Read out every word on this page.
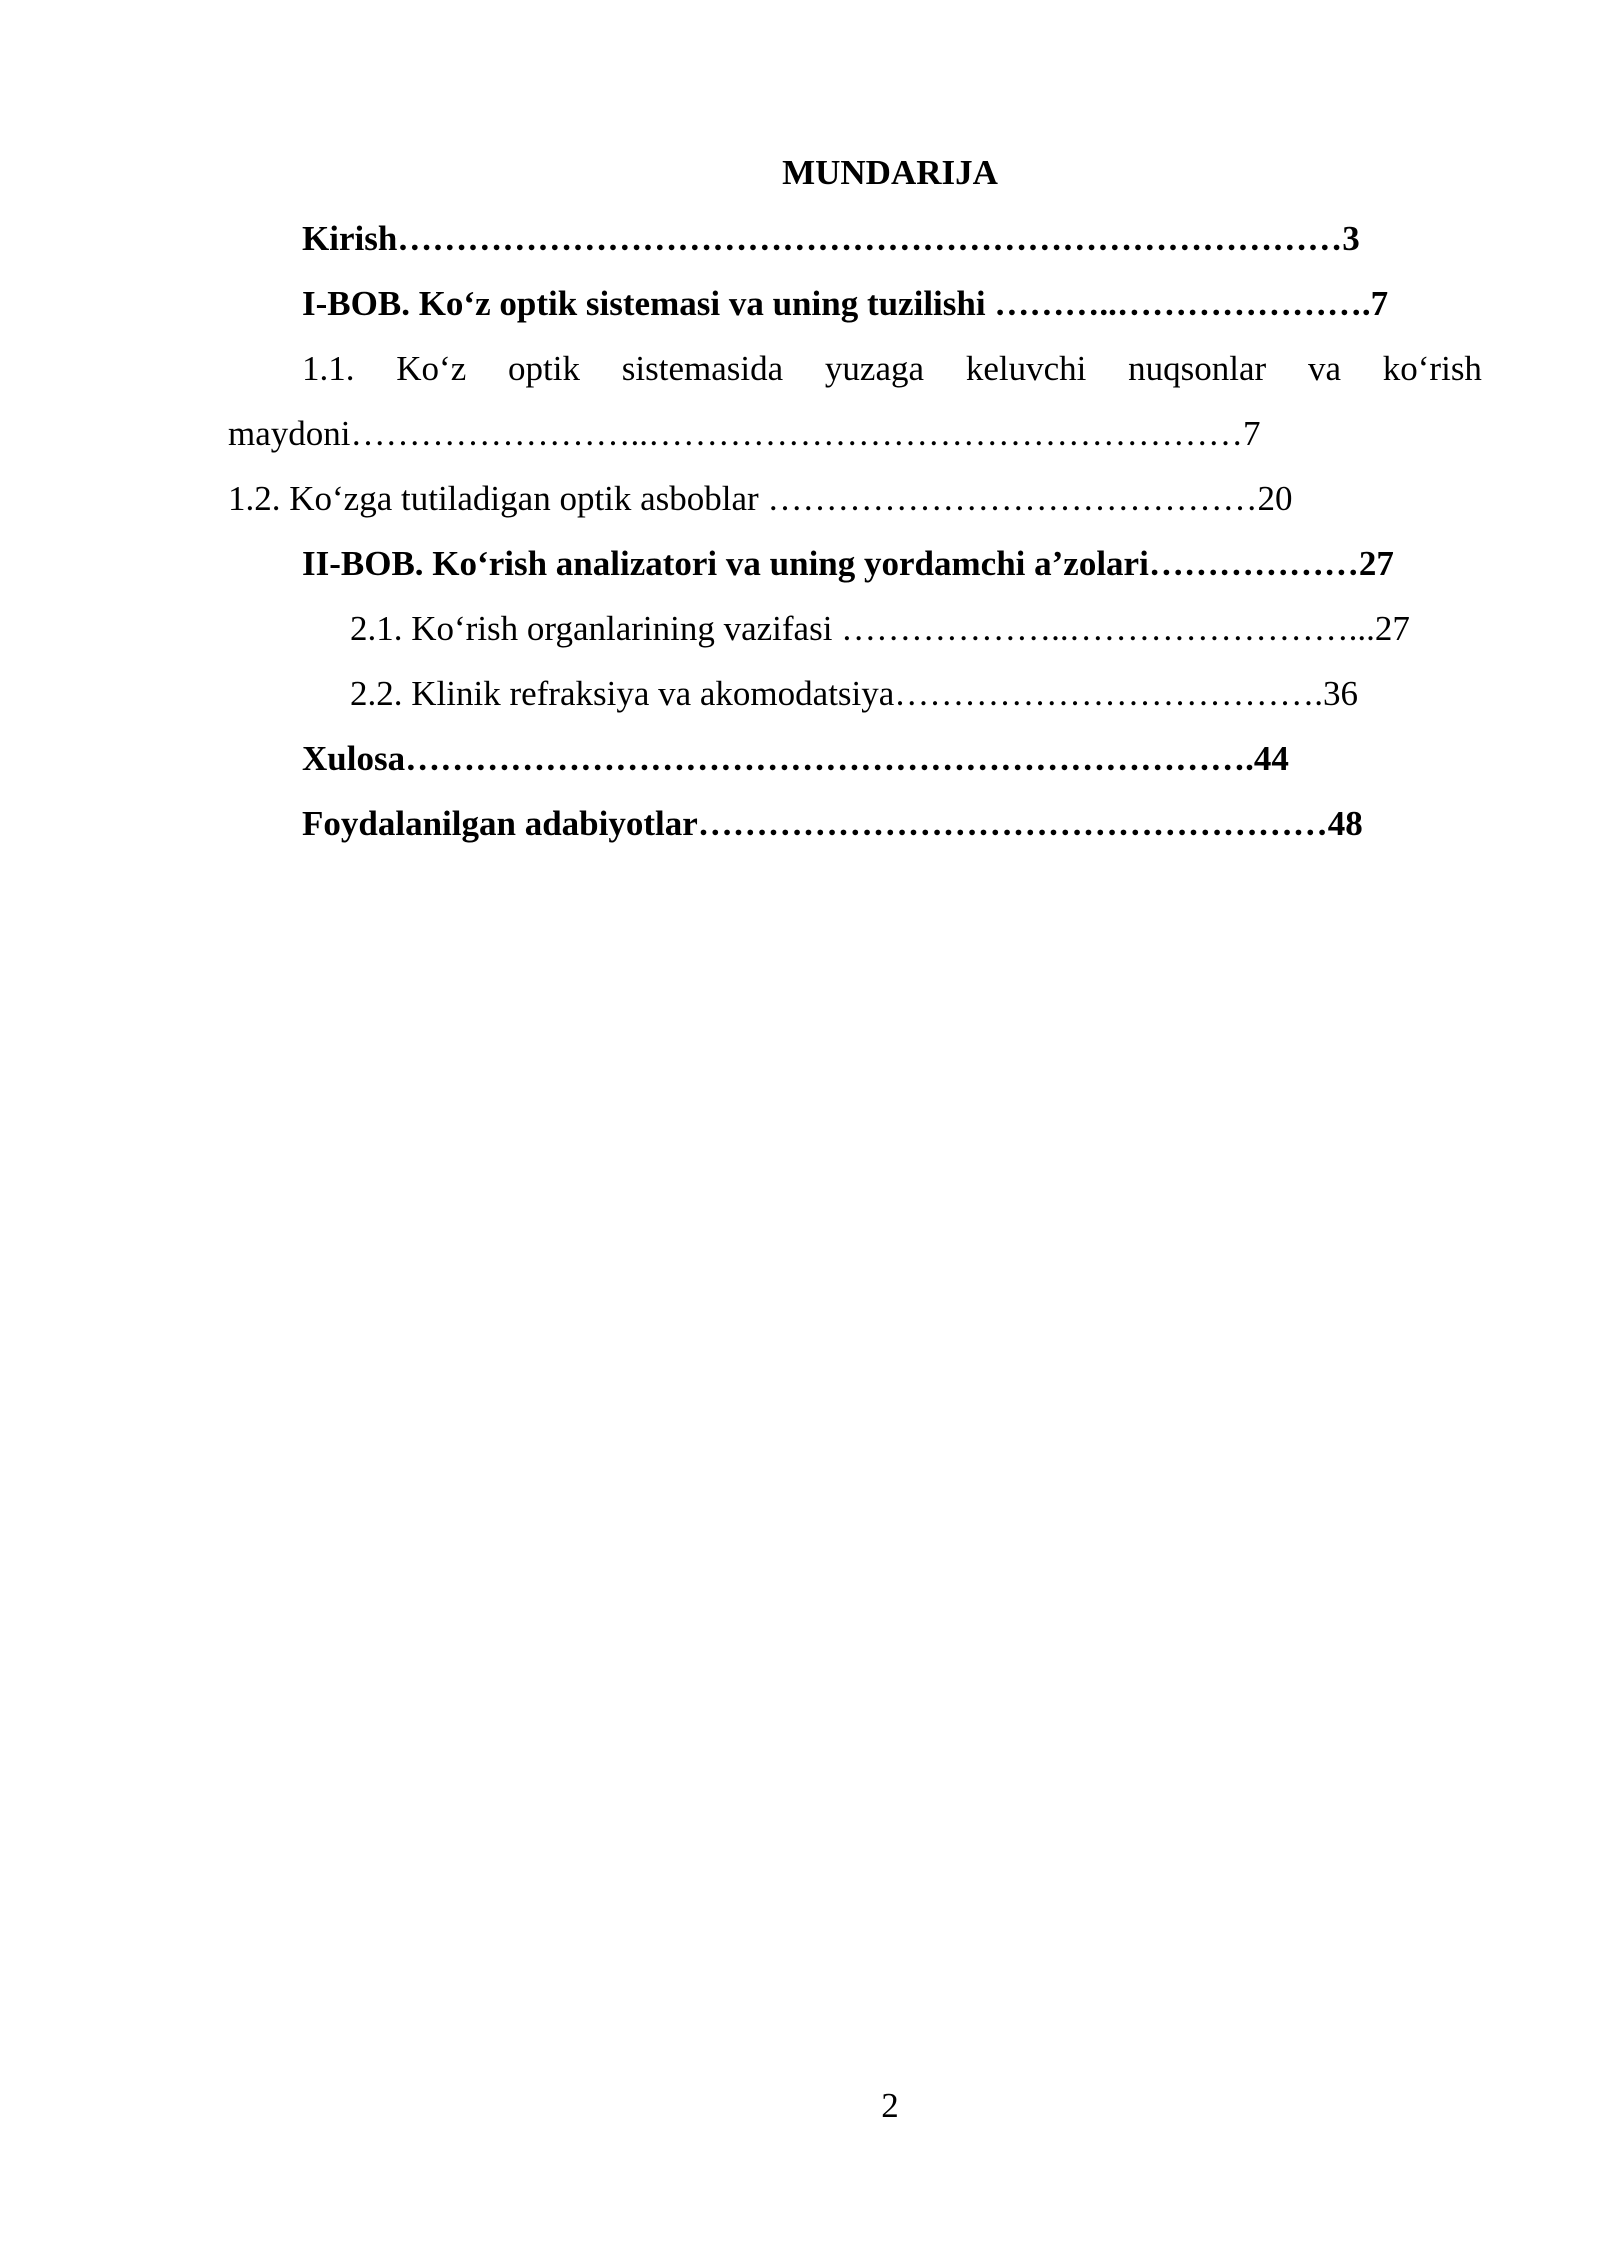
MUNDARIJA
Kirish………………………………………………………………………3
I-BOB. Ko‘z optik sistemasi va uning tuzilishi ………..………………….7
1.1. Ko‘z optik sistemasida yuzaga keluvchi nuqsonlar va ko‘rish
maydoni……………………..……………………………………………7
1.2. Ko‘zga tutiladigan optik asboblar ……………………………………20
II-BOB. Ko‘rish analizatori va uning yordamchi a’zolari………………27
2.1. Ko‘rish organlarining vazifasi ………………..……………………...27
2.2. Klinik refraksiya va akomodatsiya……………………………….36
Xulosa……………………………………………………………….44
Foydalanilgan adabiyotlar………………………………………………48
2
